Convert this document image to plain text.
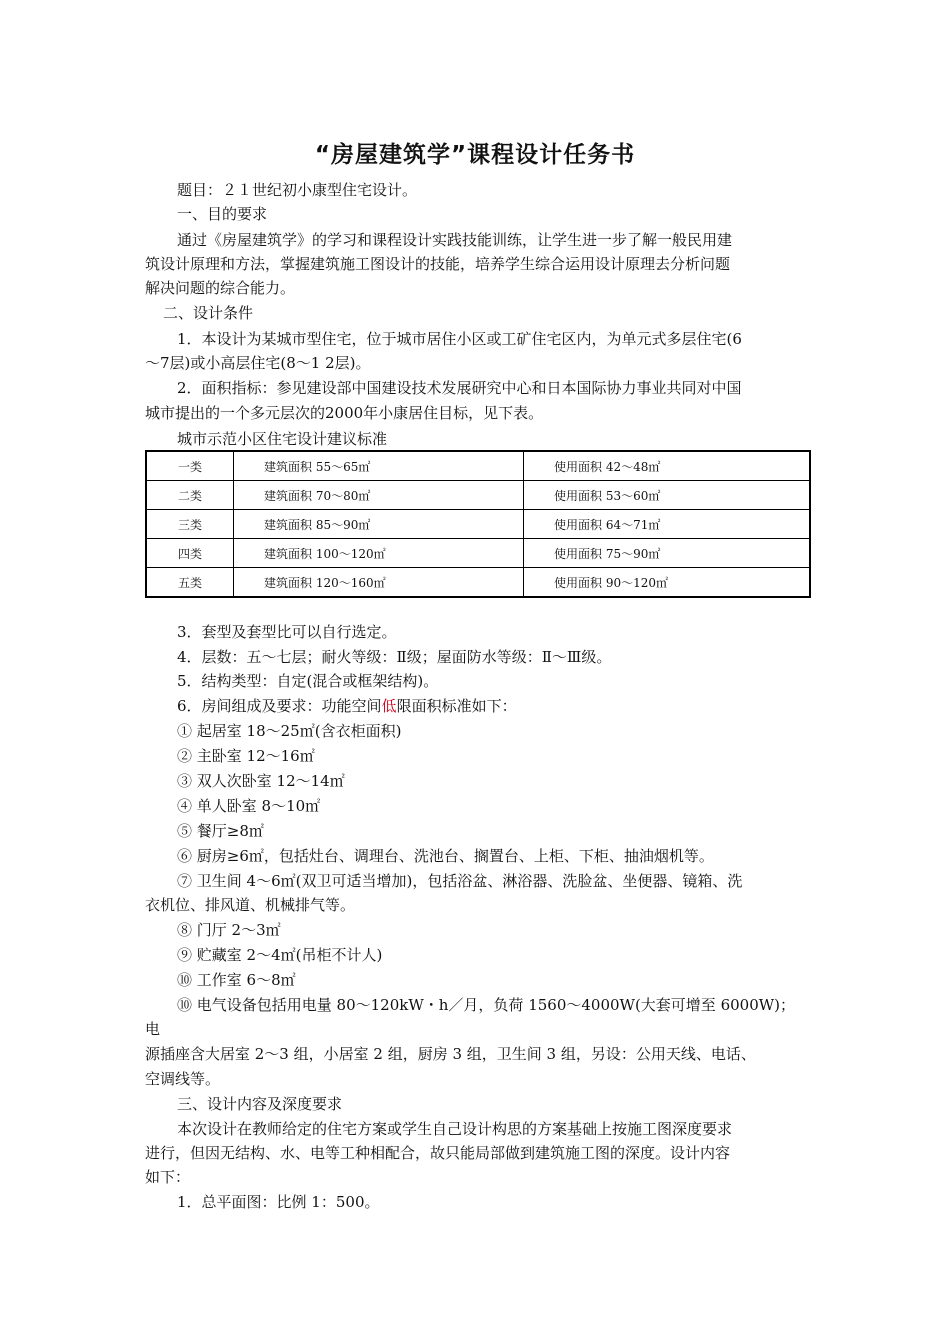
“房屋建筑学”课程设计任务书
题目：２１世纪初小康型住宅设计。
一、目的要求
通过《房屋建筑学》的学习和课程设计实践技能训练，让学生进一步了解一般民用建
筑设计原理和方法，掌握建筑施工图设计的技能，培养学生综合运用设计原理去分析问题
解决问题的综合能力。
二、设计条件
1．本设计为某城市型住宅，位于城市居住小区或工矿住宅区内，为单元式多层住宅(6
～7层)或小高层住宅(8～1 2层)。
2．面积指标：参见建设部中国建设技术发展研究中心和日本国际协力事业共同对中国
城市提出的一个多元层次的2000年小康居住目标，见下表。
城市示范小区住宅设计建议标准
一类	建筑面积 55～65㎡	使用面积 42～48㎡
二类	建筑面积 70～80㎡	使用面积 53～60㎡
三类	建筑面积 85～90㎡	使用面积 64～71㎡
四类	建筑面积 100～120㎡	使用面积 75～90㎡
五类	建筑面积 120～160㎡	使用面积 90～120㎡
3．套型及套型比可以自行选定。
4．层数：五～七层；耐火等级：Ⅱ级；屋面防水等级：Ⅱ～Ⅲ级。
5．结构类型：自定(混合或框架结构)。
6．房间组成及要求：功能空间低限面积标准如下：
① 起居室 18～25㎡(含衣柜面积)
② 主卧室 12～16㎡
③ 双人次卧室 12～14㎡
④ 单人卧室 8～10㎡
⑤ 餐厅≥8㎡
⑥ 厨房≥6㎡，包括灶台、调理台、洗池台、搁置台、上柜、下柜、抽油烟机等。
⑦ 卫生间 4～6㎡(双卫可适当增加)，包括浴盆、淋浴器、洗脸盆、坐便器、镜箱、洗
衣机位、排风道、机械排气等。
⑧ 门厅 2～3㎡
⑨ 贮藏室 2～4㎡(吊柜不计人)
⑩ 工作室 6～8㎡
⑩ 电气设备包括用电量 80～120kW・h／月，负荷 1560～4000W(大套可增至 6000W)；
电
源插座含大居室 2～3 组，小居室 2 组，厨房 3 组，卫生间 3 组，另设：公用天线、电话、
空调线等。
三、设计内容及深度要求
本次设计在教师给定的住宅方案或学生自己设计构思的方案基础上按施工图深度要求
进行，但因无结构、水、电等工种相配合，故只能局部做到建筑施工图的深度。设计内容
如下：
1．总平面图：比例 1：500。
